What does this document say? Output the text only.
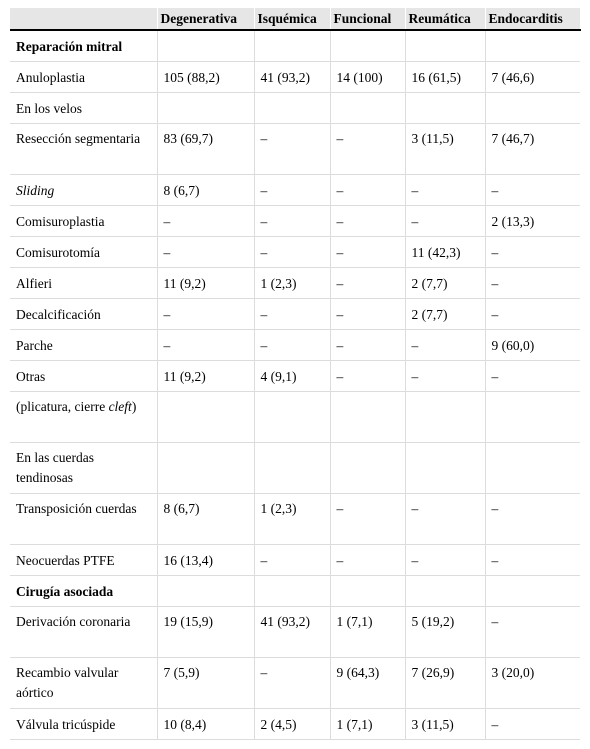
	Degenerativa	Isquémica	Funcional	Reumática	Endocarditis
Reparación mitral					
Anuloplastia	105 (88,2)	41 (93,2)	14 (100)	16 (61,5)	7 (46,6)
En los velos					
Resección segmentaria	83 (69,7)	–	–	3 (11,5)	7 (46,7)
Sliding	8 (6,7)	–	–	–	–
Comisuroplastia	–	–	–	–	2 (13,3)
Comisurotomía	–	–	–	11 (42,3)	–
Alfieri	11 (9,2)	1 (2,3)	–	2 (7,7)	–
Decalcificación	–	–	–	2 (7,7)	–
Parche	–	–	–	–	9 (60,0)
Otras	11 (9,2)	4 (9,1)	–	–	–
(plicatura, cierre cleft)					
En las cuerdas tendinosas					
Transposición cuerdas	8 (6,7)	1 (2,3)	–	–	–
Neocuerdas PTFE	16 (13,4)	–	–	–	–
Cirugía asociada					
Derivación coronaria	19 (15,9)	41 (93,2)	1 (7,1)	5 (19,2)	–
Recambio valvular aórtico	7 (5,9)	–	9 (64,3)	7 (26,9)	3 (20,0)
Válvula tricúspide	10 (8,4)	2 (4,5)	1 (7,1)	3 (11,5)	–
